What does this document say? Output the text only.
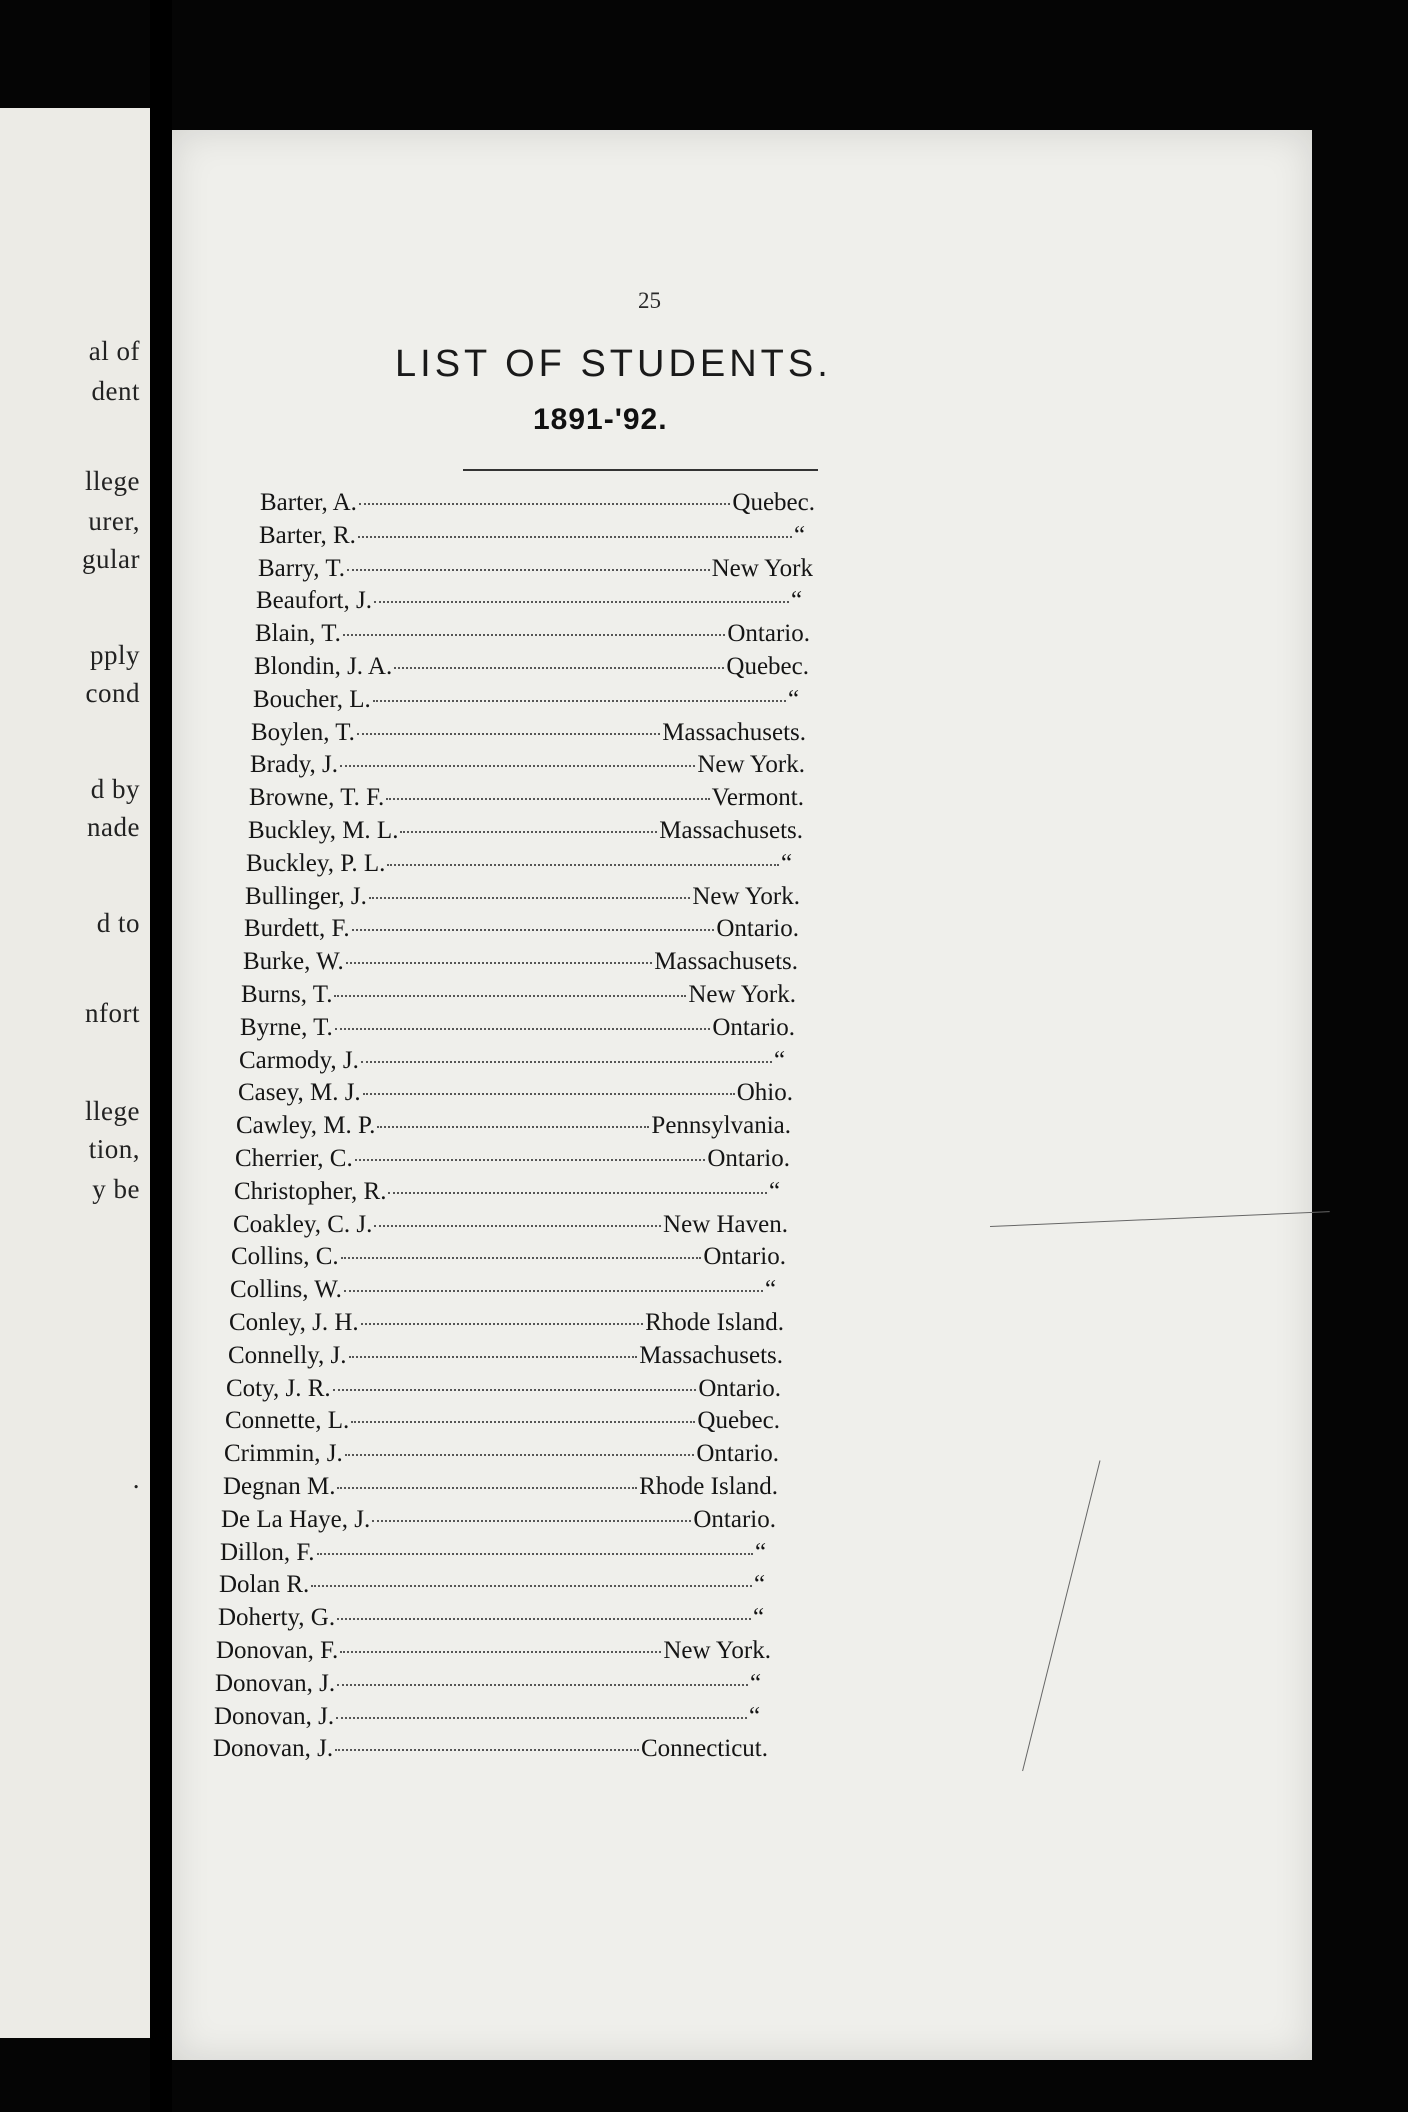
al of
dent
llege
urer,
gular
pply
cond
d by
nade
d to
nfort
llege
tion,
y be
.
25
LIST OF STUDENTS.
1891-'92.
Barter, A.	Quebec.
Barter, R.	“
Barry, T.	New York
Beaufort, J.	“
Blain, T.	Ontario.
Blondin, J. A.	Quebec.
Boucher, L.	“
Boylen, T.	Massachusets.
Brady, J.	New York.
Browne, T. F.	Vermont.
Buckley, M. L.	Massachusets.
Buckley, P. L.	“
Bullinger, J.	New York.
Burdett, F.	Ontario.
Burke, W.	Massachusets.
Burns, T.	New York.
Byrne, T.	Ontario.
Carmody, J.	“
Casey, M. J.	Ohio.
Cawley, M. P.	Pennsylvania.
Cherrier, C.	Ontario.
Christopher, R.	“
Coakley, C. J.	New Haven.
Collins, C.	Ontario.
Collins, W.	“
Conley, J. H.	Rhode Island.
Connelly, J.	Massachusets.
Coty, J. R.	Ontario.
Connette, L.	Quebec.
Crimmin, J.	Ontario.
Degnan M.	Rhode Island.
De La Haye, J.	Ontario.
Dillon, F.	“
Dolan R.	“
Doherty, G.	“
Donovan, F.	New York.
Donovan, J.	“
Donovan, J.	“
Donovan, J.	Connecticut.
